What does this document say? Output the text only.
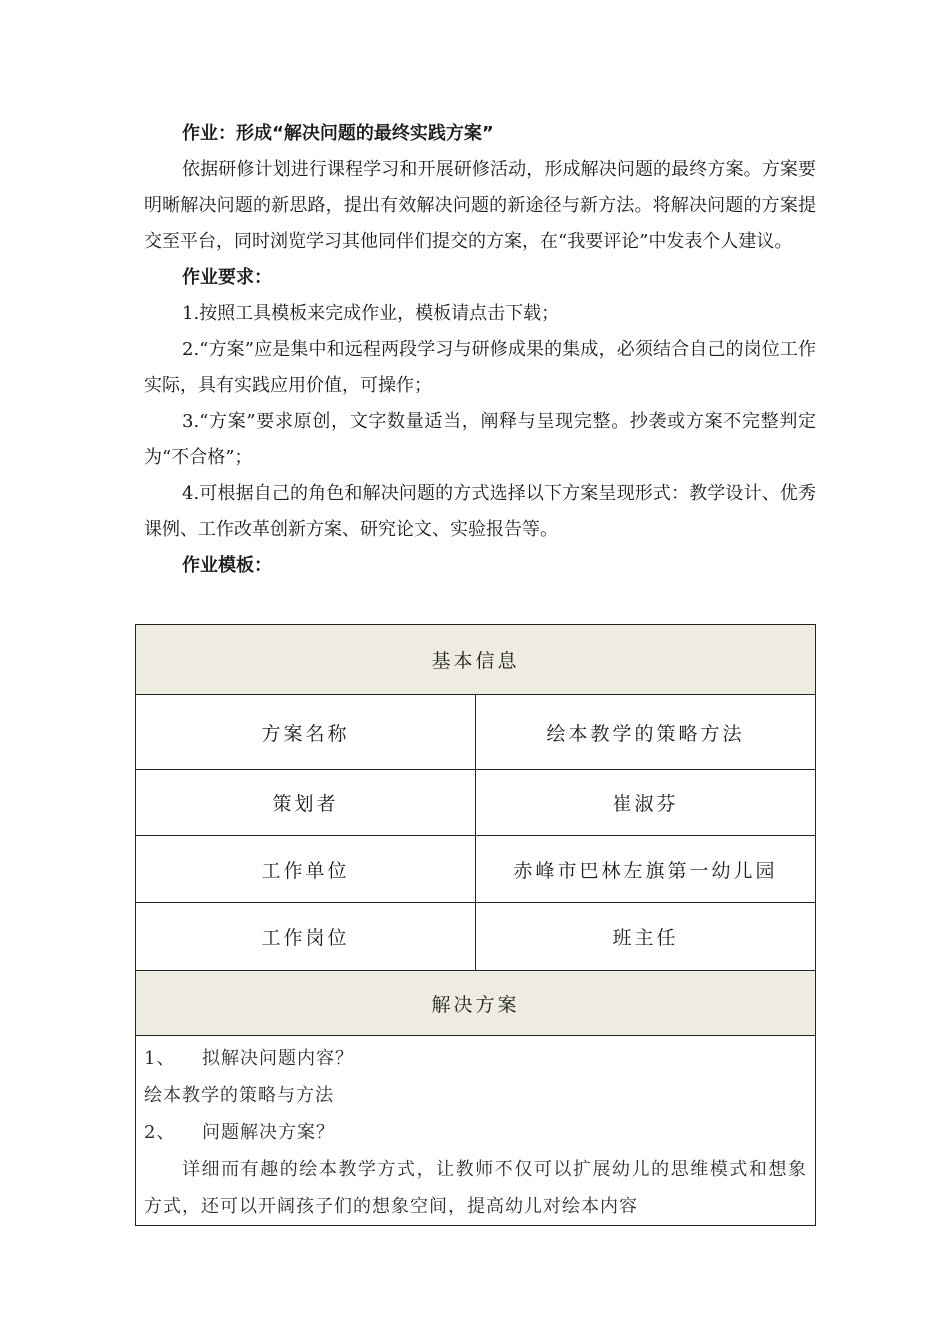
作业：形成“解决问题的最终实践方案”

依据研修计划进行课程学习和开展研修活动，形成解决问题的最终方案。方案要明晰解决问题的新思路，提出有效解决问题的新途径与新方法。将解决问题的方案提交至平台，同时浏览学习其他同伴们提交的方案，在“我要评论”中发表个人建议。

作业要求：

1.按照工具模板来完成作业，模板请点击下载；

2.“方案”应是集中和远程两段学习与研修成果的集成，必须结合自己的岗位工作实际，具有实践应用价值，可操作；

3.“方案”要求原创，文字数量适当，阐释与呈现完整。抄袭或方案不完整判定为“不合格”；

4.可根据自己的角色和解决问题的方式选择以下方案呈现形式：教学设计、优秀课例、工作改革创新方案、研究论文、实验报告等。

作业模板：

基本信息	
方案名称	绘本教学的策略方法
策划者	崔淑芬
工作单位	赤峰市巴林左旗第一幼儿园
工作岗位	班主任
解决方案	

1、 拟解决问题内容？

绘本教学的策略与方法

2、 问题解决方案？

详细而有趣的绘本教学方式，让教师不仅可以扩展幼儿的思维模式和想象方式，还可以开阔孩子们的想象空间，提高幼儿对绘本内容	
